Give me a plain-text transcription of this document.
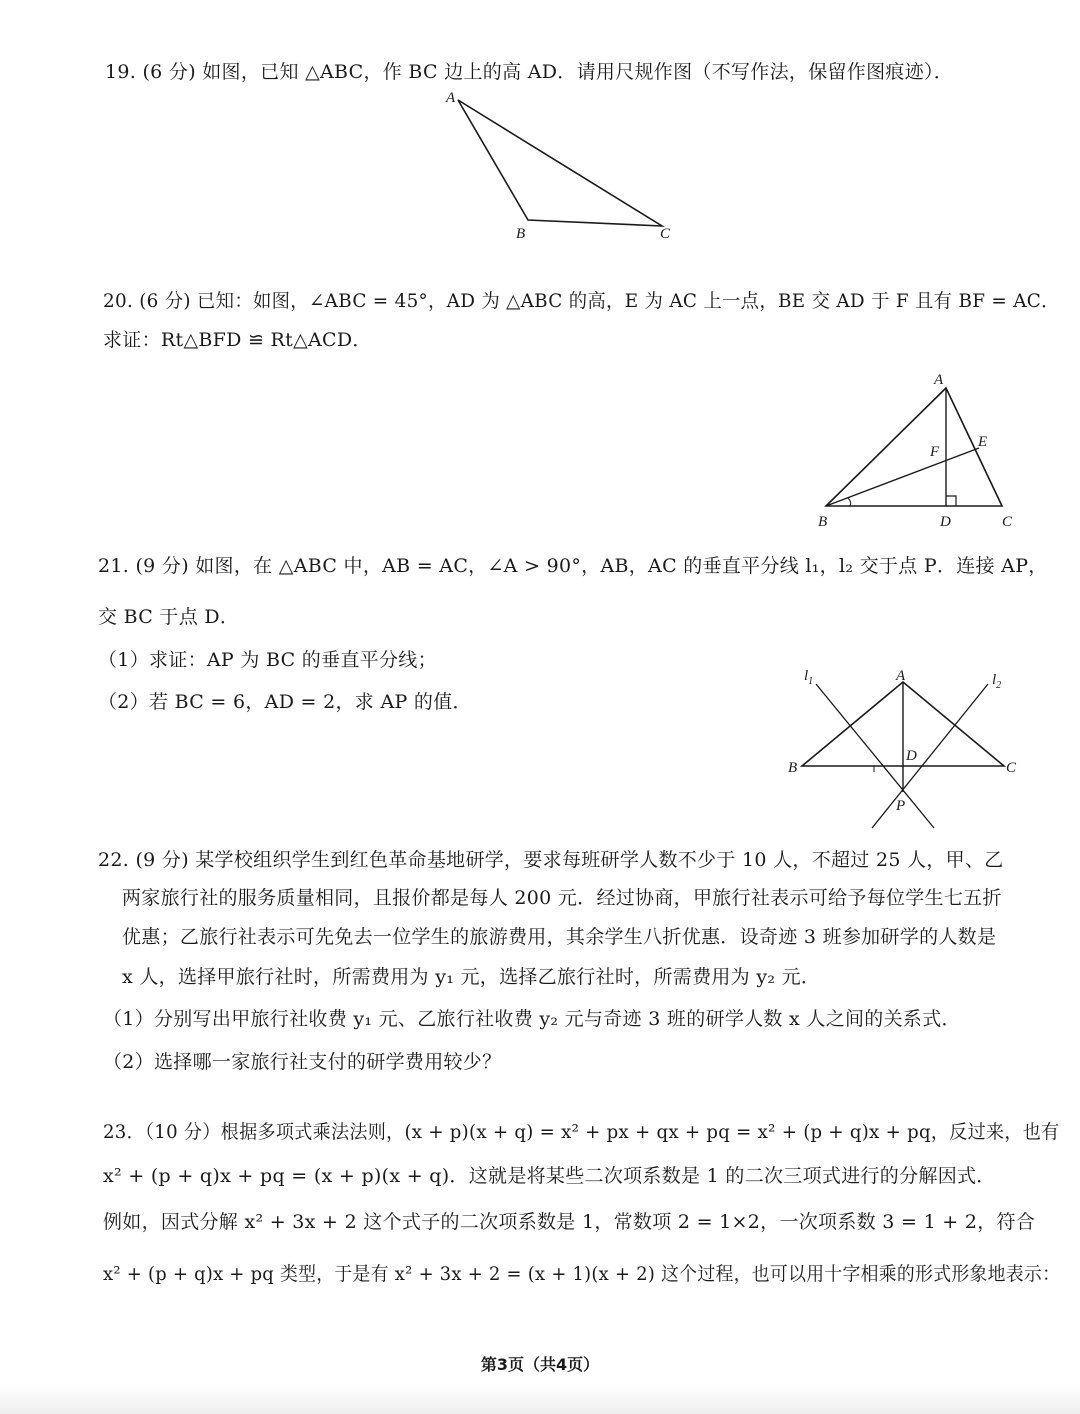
19. (6 分) 如图，已知 △ABC，作 BC 边上的高 AD．请用尺规作图（不写作法，保留作图痕迹）．
A
B	C
20. (6 分) 已知：如图，∠ABC = 45°，AD 为 △ABC 的高，E 为 AC 上一点，BE 交 AD 于 F 且有 BF = AC．
求证：Rt△BFD ≌ Rt△ACD．
A
B	C
D
E
F
21. (9 分) 如图，在 △ABC 中，AB = AC，∠A > 90°，AB，AC 的垂直平分线 l₁，l₂ 交于点 P．连接 AP，
交 BC 于点 D．
（1）求证：AP 为 BC 的垂直平分线；
（2）若 BC = 6，AD = 2，求 AP 的值．
A
B	C
D
P
$l_1$	$l_2$
22. (9 分) 某学校组织学生到红色革命基地研学，要求每班研学人数不少于 10 人，不超过 25 人，甲、乙
两家旅行社的服务质量相同，且报价都是每人 200 元．经过协商，甲旅行社表示可给予每位学生七五折
优惠；乙旅行社表示可先免去一位学生的旅游费用，其余学生八折优惠．设奇迹 3 班参加研学的人数是
x 人，选择甲旅行社时，所需费用为 y₁ 元，选择乙旅行社时，所需费用为 y₂ 元．
（1）分别写出甲旅行社收费 y₁ 元、乙旅行社收费 y₂ 元与奇迹 3 班的研学人数 x 人之间的关系式．
（2）选择哪一家旅行社支付的研学费用较少？
23．（10 分）根据多项式乘法法则，(x + p)(x + q) = x² + px + qx + pq = x² + (p + q)x + pq，反过来，也有
x² + (p + q)x + pq = (x + p)(x + q)．这就是将某些二次项系数是 1 的二次三项式进行的分解因式．
例如，因式分解 x² + 3x + 2 这个式子的二次项系数是 1，常数项 2 = 1×2，一次项系数 3 = 1 + 2，符合
x² + (p + q)x + pq 类型，于是有 x² + 3x + 2 = (x + 1)(x + 2) 这个过程，也可以用十字相乘的形式形象地表示：
第3页（共4页）
